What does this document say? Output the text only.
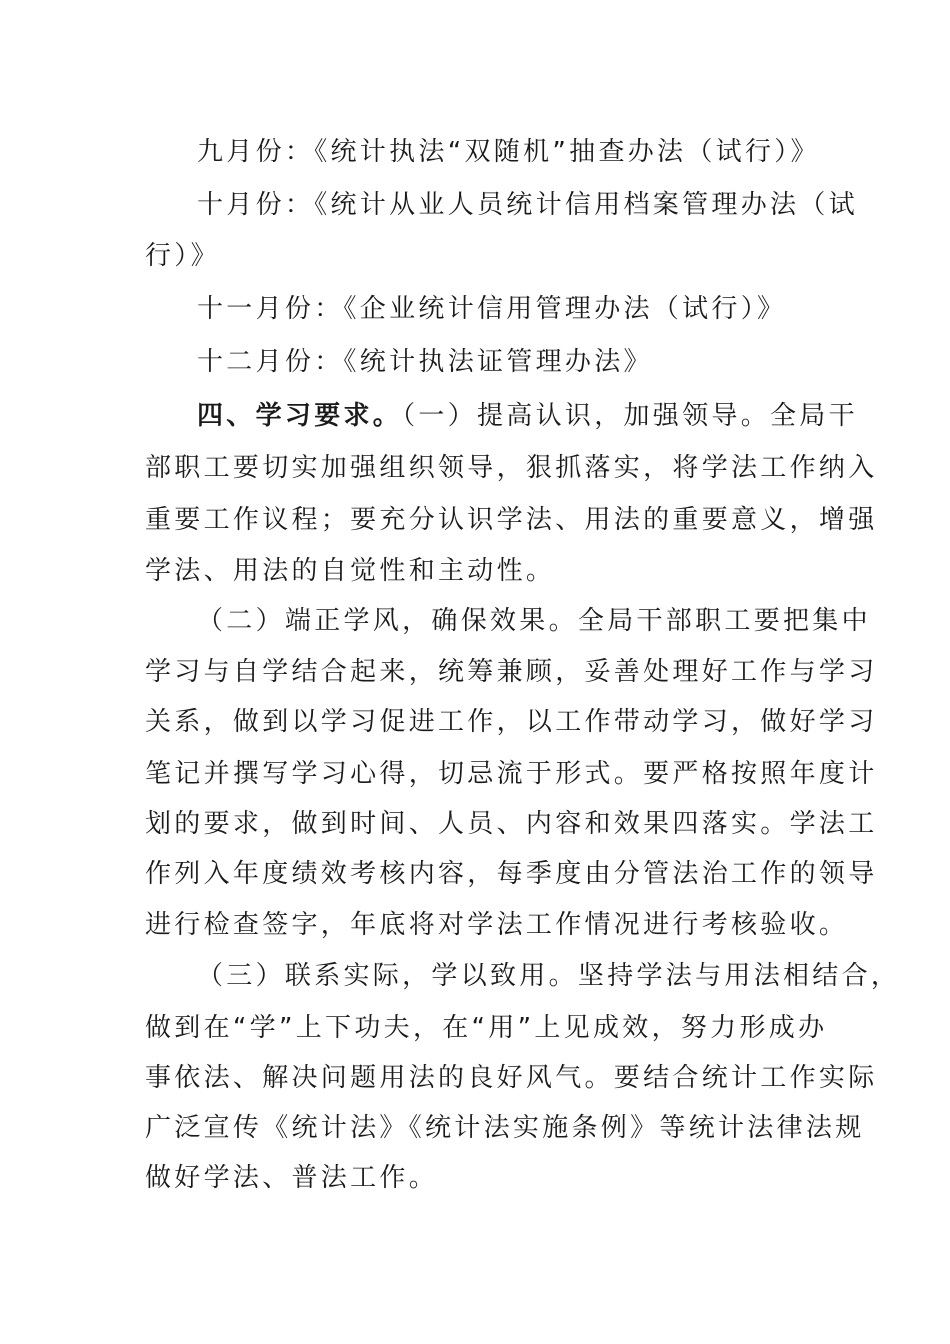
九月份：《统计执法“双随机”抽查办法（试行）》
十月份：《统计从业人员统计信用档案管理办法（试
行）》
十一月份：《企业统计信用管理办法（试行）》
十二月份：《统计执法证管理办法》
四、学习要求。（一）提高认识，加强领导。全局干
部职工要切实加强组织领导，狠抓落实，将学法工作纳入
重要工作议程；要充分认识学法、用法的重要意义，增强
学法、用法的自觉性和主动性。
（二）端正学风，确保效果。全局干部职工要把集中
学习与自学结合起来，统筹兼顾，妥善处理好工作与学习
关系，做到以学习促进工作，以工作带动学习，做好学习
笔记并撰写学习心得，切忌流于形式。要严格按照年度计
划的要求，做到时间、人员、内容和效果四落实。学法工
作列入年度绩效考核内容，每季度由分管法治工作的领导
进行检查签字，年底将对学法工作情况进行考核验收。
（三）联系实际，学以致用。坚持学法与用法相结合，
做到在“学”上下功夫，在“用”上见成效，努力形成办
事依法、解决问题用法的良好风气。要结合统计工作实际
广泛宣传《统计法》《统计法实施条例》等统计法律法规
做好学法、普法工作。
